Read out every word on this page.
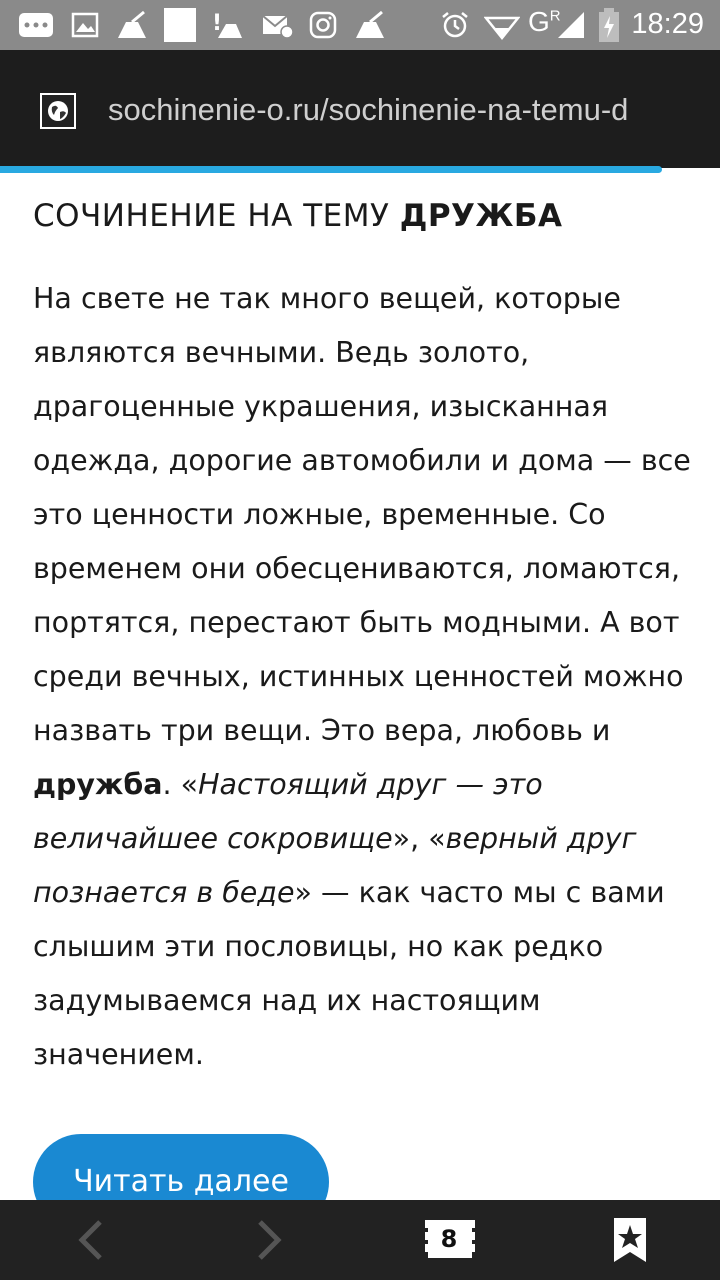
!	$G^R$ 18:29
sochinenie-o.ru/sochinenie-na-temu-d
СОЧИНЕНИЕ НА ТЕМУ ДРУЖБА

На свете не так много вещей, которые являются вечными. Ведь золото, драгоценные украшения, изысканная одежда, дорогие автомобили и дома — все это ценности ложные, временные. Со временем они обесцениваются, ломаются, портятся, перестают быть модными. А вот среди вечных, истинных ценностей можно назвать три вещи. Это вера, любовь и дружба. «Настоящий друг — это величайшее сокровище», «верный друг познается в беде» — как часто мы с вами слышим эти пословицы, но как редко задумываемся над их настоящим значением.

Читать далее
8
